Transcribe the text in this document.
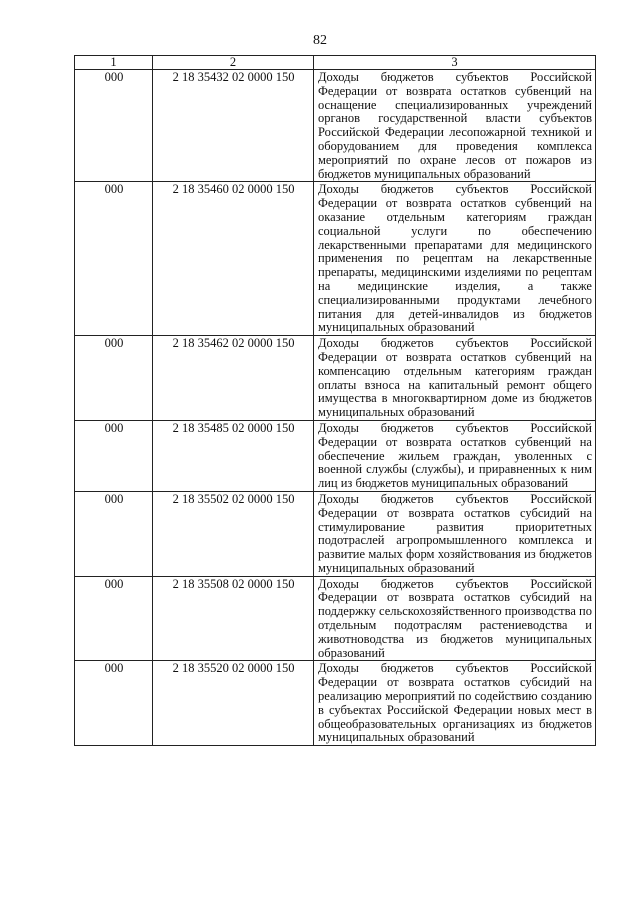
82
1	2	3
000	2 18 35432 02 0000 150	Доходы бюджетов субъектов Российской Федерации от возврата остатков субвенций на оснащение специализированных учреждений органов государственной власти субъектов Российской Федерации лесопожарной техникой и оборудованием для проведения комплекса мероприятий по охране лесов от пожаров из бюджетов муниципальных образований
000	2 18 35460 02 0000 150	Доходы бюджетов субъектов Российской Федерации от возврата остатков субвенций на оказание отдельным категориям граждан социальной услуги по обеспечению лекарственными препаратами для медицинского применения по рецептам на лекарственные препараты, медицинскими изделиями по рецептам на медицинские изделия, а также специализированными продуктами лечебного питания для детей-инвалидов из бюджетов муниципальных образований
000	2 18 35462 02 0000 150	Доходы бюджетов субъектов Российской Федерации от возврата остатков субвенций на компенсацию отдельным категориям граждан оплаты взноса на капитальный ремонт общего имущества в многоквартирном доме из бюджетов муниципальных образований
000	2 18 35485 02 0000 150	Доходы бюджетов субъектов Российской Федерации от возврата остатков субвенций на обеспечение жильем граждан, уволенных с военной службы (службы), и приравненных к ним лиц из бюджетов муниципальных образований
000	2 18 35502 02 0000 150	Доходы бюджетов субъектов Российской Федерации от возврата остатков субсидий на стимулирование развития приоритетных подотраслей агропромышленного комплекса и развитие малых форм хозяйствования из бюджетов муниципальных образований
000	2 18 35508 02 0000 150	Доходы бюджетов субъектов Российской Федерации от возврата остатков субсидий на поддержку сельскохозяйственного производства по отдельным подотраслям растениеводства и животноводства из бюджетов муниципальных образований
000	2 18 35520 02 0000 150	Доходы бюджетов субъектов Российской Федерации от возврата остатков субсидий на реализацию мероприятий по содействию созданию в субъектах Российской Федерации новых мест в общеобразовательных организациях из бюджетов муниципальных образований
